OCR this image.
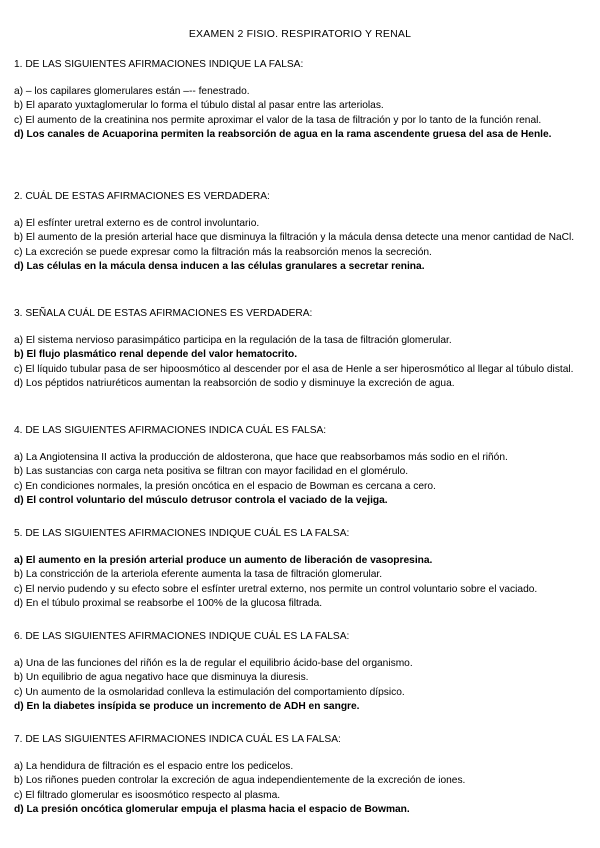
EXAMEN 2 FISIO. RESPIRATORIO Y RENAL
1. DE LAS SIGUIENTES AFIRMACIONES INDIQUE LA FALSA:
a) – los capilares glomerulares están –-- fenestrado.
b) El aparato yuxtaglomerular lo forma el túbulo distal al pasar entre las arteriolas.
c) El aumento de la creatinina nos permite aproximar el valor de la tasa de filtración y por lo tanto de la función renal.
d) Los canales de Acuaporina permiten la reabsorción de agua en la rama ascendente gruesa del asa de Henle.
2. CUÁL DE ESTAS AFIRMACIONES ES VERDADERA:
a) El esfínter uretral externo es de control involuntario.
b) El aumento de la presión arterial hace que disminuya la filtración y la mácula densa detecte una menor cantidad de NaCl.
c) La excreción se puede expresar como la filtración más la reabsorción menos la secreción.
d) Las células en la mácula densa inducen a las células granulares a secretar renina.
3. SEÑALA CUÁL DE ESTAS AFIRMACIONES ES VERDADERA:
a) El sistema nervioso parasimpático participa en la regulación de la tasa de filtración glomerular.
b) El flujo plasmático renal depende del valor hematocrito.
c) El líquido tubular pasa de ser hipoosmótico al descender por el asa de Henle a ser hiperosmótico al llegar al túbulo distal.
d) Los péptidos natriuréticos aumentan la reabsorción de sodio y disminuye la excreción de agua.
4. DE LAS SIGUIENTES AFIRMACIONES INDICA CUÁL ES FALSA:
a) La Angiotensina II activa la producción de aldosterona, que hace que reabsorbamos más sodio en el riñón.
b) Las sustancias con carga neta positiva se filtran con mayor facilidad en el glomérulo.
c) En condiciones normales, la presión oncótica en el espacio de Bowman es cercana a cero.
d) El control voluntario del músculo detrusor controla el vaciado de la vejiga.
5. DE LAS SIGUIENTES AFIRMACIONES INDIQUE CUÁL ES LA FALSA:
a) El aumento en la presión arterial produce un aumento de liberación de vasopresina.
b) La constricción de la arteriola eferente aumenta la tasa de filtración glomerular.
c) El nervio pudendo y su efecto sobre el esfínter uretral externo, nos permite un control voluntario sobre el vaciado.
d) En el túbulo proximal se reabsorbe el 100% de la glucosa filtrada.
6. DE LAS SIGUIENTES AFIRMACIONES INDIQUE CUÁL ES LA FALSA:
a) Una de las funciones del riñón es la de regular el equilibrio ácido-base del organismo.
b) Un equilibrio de agua negativo hace que disminuya la diuresis.
c) Un aumento de la osmolaridad conlleva la estimulación del comportamiento dípsico.
d) En la diabetes insípida se produce un incremento de ADH en sangre.
7. DE LAS SIGUIENTES AFIRMACIONES INDICA CUÁL ES LA FALSA:
a) La hendidura de filtración es el espacio entre los pedicelos.
b) Los riñones pueden controlar la excreción de agua independientemente de la excreción de iones.
c) El filtrado glomerular es isoosmótico respecto al plasma.
d) La presión oncótica glomerular empuja el plasma hacia el espacio de Bowman.
